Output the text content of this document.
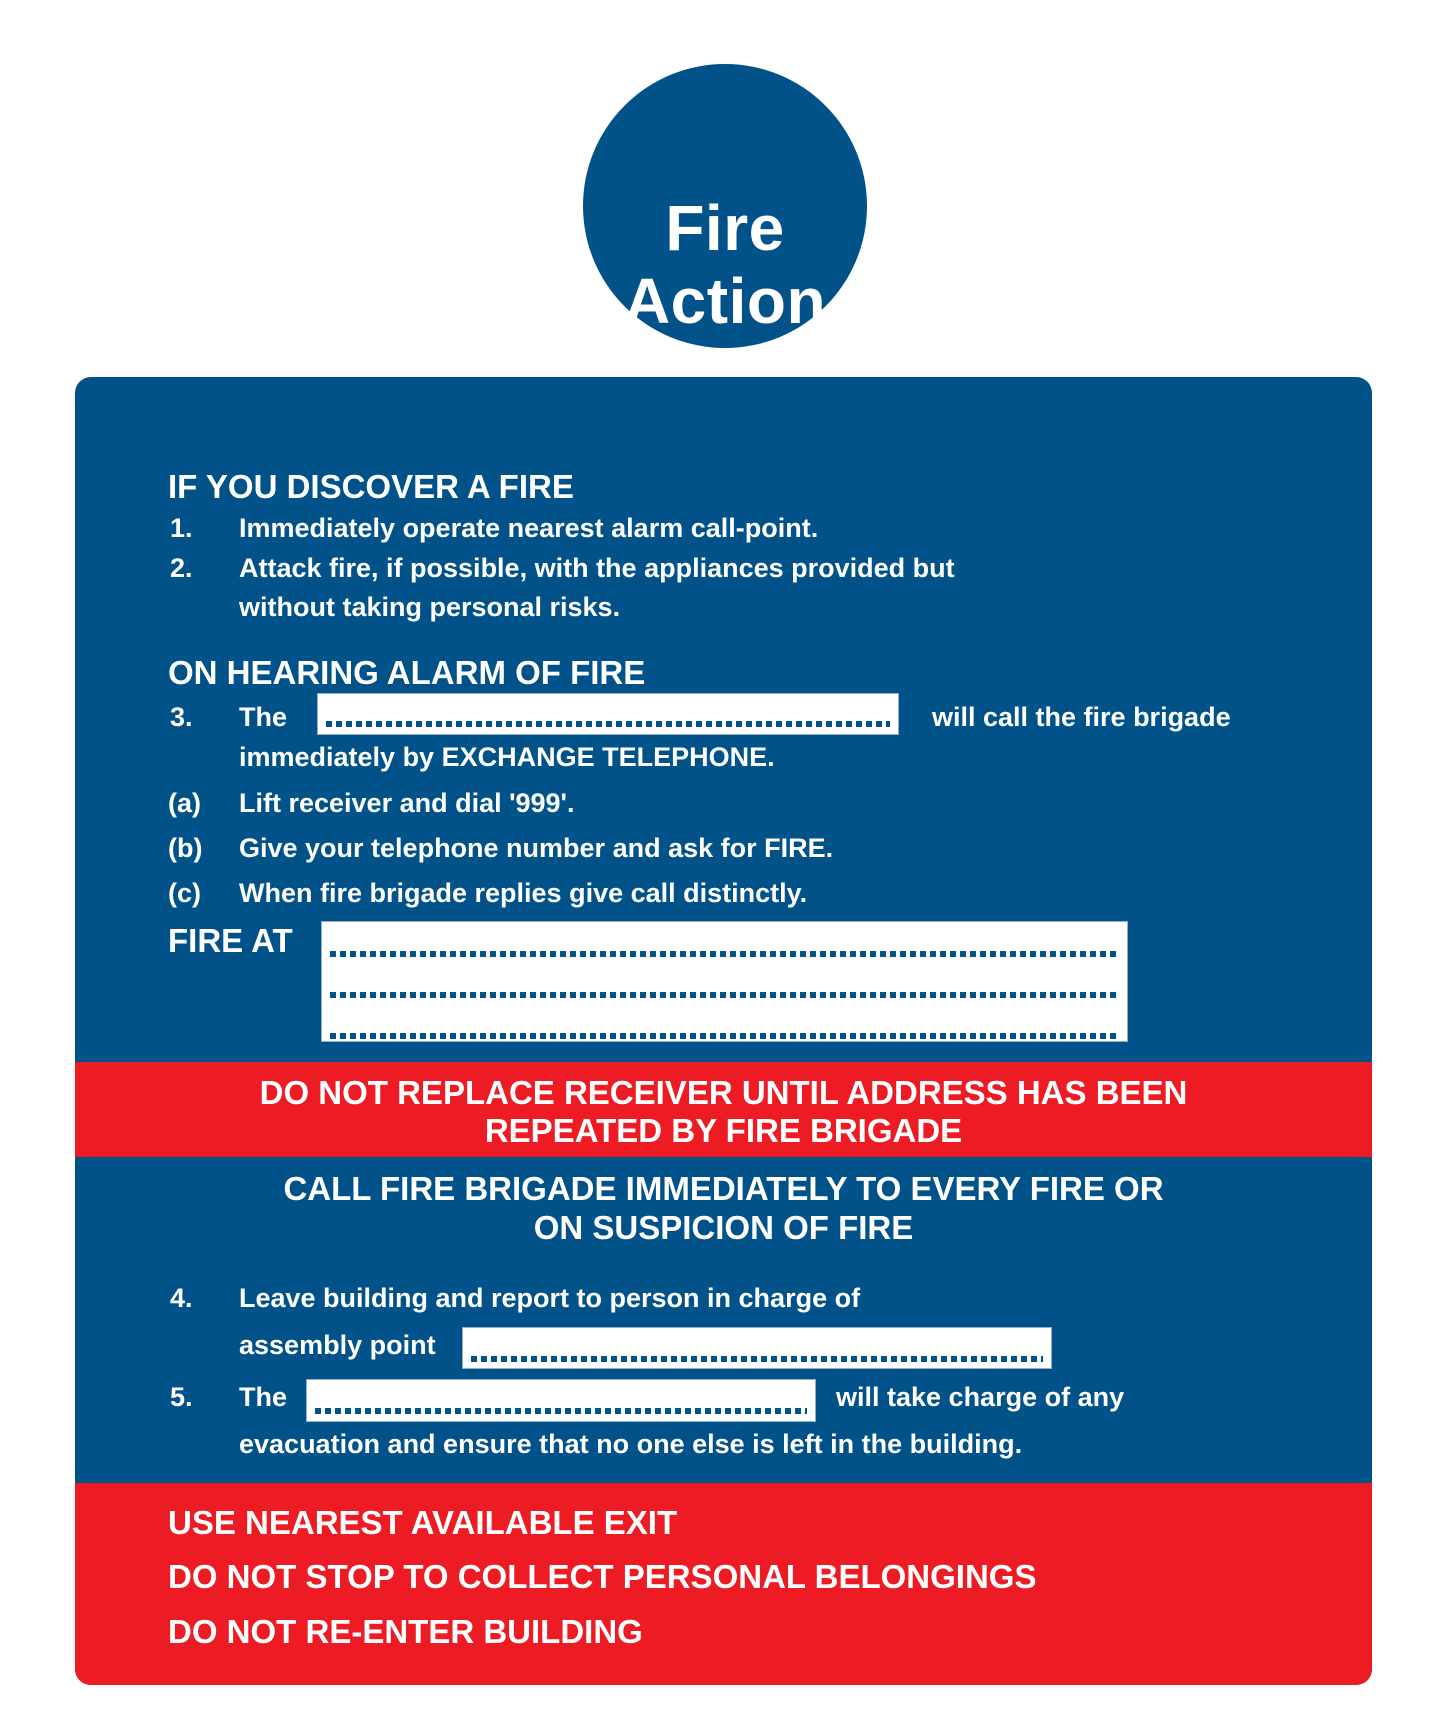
Fire
Action
IF YOU DISCOVER A FIRE
1. Immediately operate nearest alarm call-point.
2. Attack fire, if possible, with the appliances provided but
without taking personal risks.
ON HEARING ALARM OF FIRE
3. The	will call the fire brigade
immediately by EXCHANGE TELEPHONE.
(a) Lift receiver and dial '999'.
(b) Give your telephone number and ask for FIRE.
(c) When fire brigade replies give call distinctly.
FIRE AT
DO NOT REPLACE RECEIVER UNTIL ADDRESS HAS BEEN
REPEATED BY FIRE BRIGADE
CALL FIRE BRIGADE IMMEDIATELY TO EVERY FIRE OR
ON SUSPICION OF FIRE
4. Leave building and report to person in charge of
assembly point
5. The	will take charge of any
evacuation and ensure that no one else is left in the building.
USE NEAREST AVAILABLE EXIT
DO NOT STOP TO COLLECT PERSONAL BELONGINGS
DO NOT RE-ENTER BUILDING
